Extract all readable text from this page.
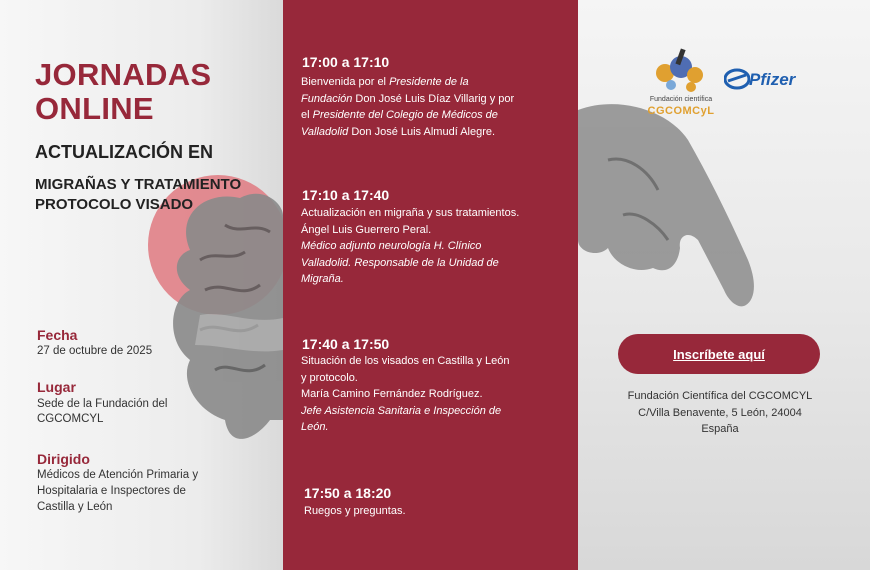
JORNADAS
ONLINE
ACTUALIZACIÓN EN
MIGRAÑAS Y TRATAMIENTO
PROTOCOLO VISADO
Fecha
27 de octubre de 2025
Lugar
Sede de la Fundación del
CGCOMCYL
Dirigido
Médicos de Atención Primaria y
Hospitalaria e Inspectores de
Castilla y León
17:00 a 17:10
Bienvenida por el Presidente de la
Fundación Don José Luis Díaz Villarig y por
el Presidente del Colegio de Médicos de
Valladolid Don José Luis Almudí Alegre.
17:10 a 17:40
Actualización en migraña y sus tratamientos.
Ángel Luis Guerrero Peral.
Médico adjunto neurología H. Clínico
Valladolid. Responsable de la Unidad de
Migraña.
17:40 a 17:50
Situación de los visados en Castilla y León
y protocolo.
María Camino Fernández Rodríguez.
Jefe Asistencia Sanitaria e Inspección de
León.
17:50 a 18:20
Ruegos y preguntas.
Fundación científica
CGCOMCyL
Pfizer
Inscríbete aquí
Fundación Científica del CGCOMCYL
C/Villa Benavente, 5 León, 24004
España
